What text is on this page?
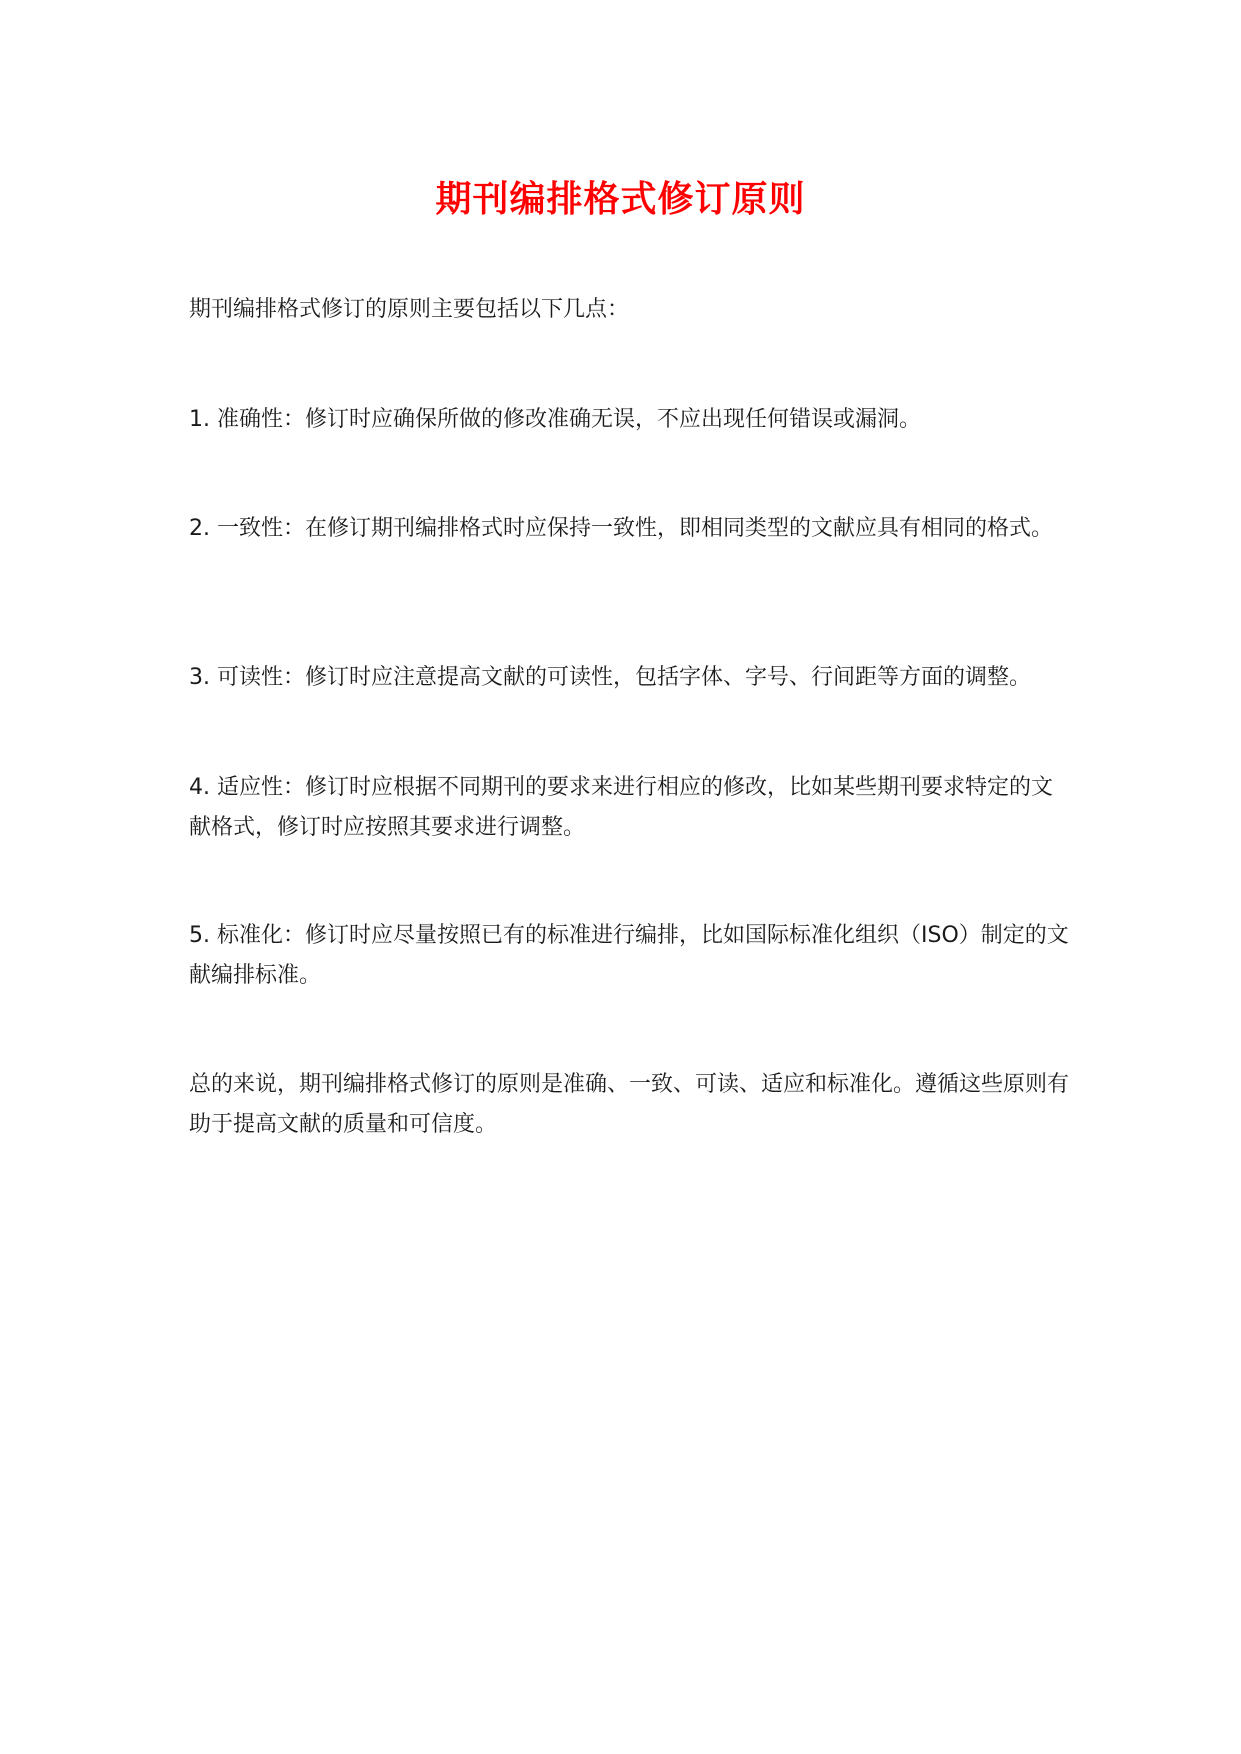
期刊编排格式修订原则

期刊编排格式修订的原则主要包括以下几点：

1. 准确性：修订时应确保所做的修改准确无误，不应出现任何错误或漏洞。

2. 一致性：在修订期刊编排格式时应保持一致性，即相同类型的文献应具有相同的格式。

3. 可读性：修订时应注意提高文献的可读性，包括字体、字号、行间距等方面的调整。

4. 适应性：修订时应根据不同期刊的要求来进行相应的修改，比如某些期刊要求特定的文献格式，修订时应按照其要求进行调整。

5. 标准化：修订时应尽量按照已有的标准进行编排，比如国际标准化组织（ISO）制定的文献编排标准。

总的来说，期刊编排格式修订的原则是准确、一致、可读、适应和标准化。遵循这些原则有助于提高文献的质量和可信度。
